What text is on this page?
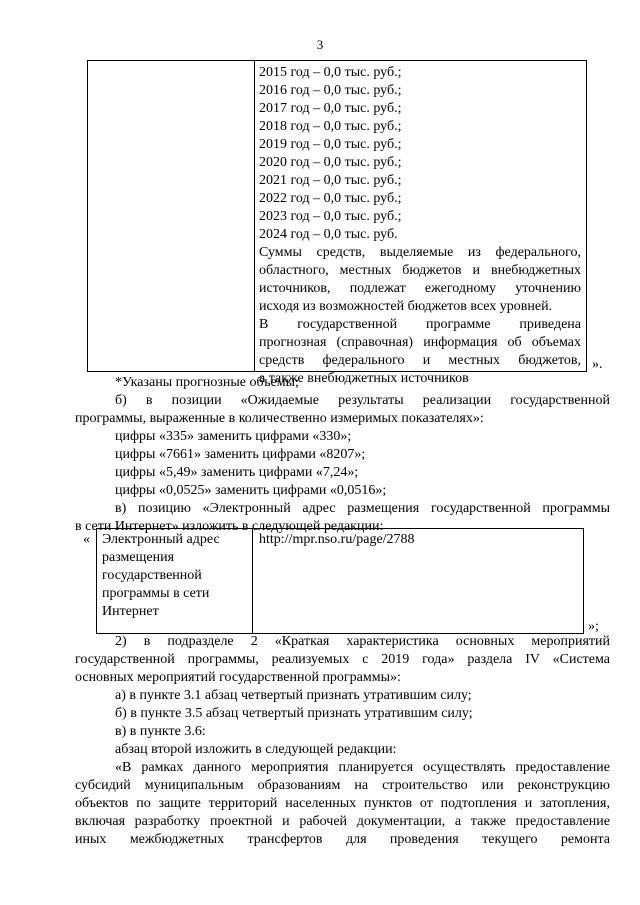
3
2015 год – 0,0 тыс. руб.;
2016 год – 0,0 тыс. руб.;
2017 год – 0,0 тыс. руб.;
2018 год – 0,0 тыс. руб.;
2019 год – 0,0 тыс. руб.;
2020 год – 0,0 тыс. руб.;
2021 год – 0,0 тыс. руб.;
2022 год – 0,0 тыс. руб.;
2023 год – 0,0 тыс. руб.;
2024 год – 0,0 тыс. руб.
Суммы средств, выделяемые из федерального,
областного, местных бюджетов и внебюджетных
источников, подлежат ежегодному уточнению
исходя из возможностей бюджетов всех уровней.
В государственной программе приведена
прогнозная (справочная) информация об объемах
средств федерального и местных бюджетов,
а также внебюджетных источников
».
*Указаны прогнозные объемы;
б) в позиции «Ожидаемые результаты реализации государственной
программы, выраженные в количественно измеримых показателях»:
цифры «335» заменить цифрами «330»;
цифры «7661» заменить цифрами «8207»;
цифры «5,49» заменить цифрами «7,24»;
цифры «0,0525» заменить цифрами «0,0516»;
в) позицию «Электронный адрес размещения государственной программы
в сети Интернет» изложить в следующей редакции:
« Электронный адрес
размещения
государственной
программы в сети
Интернет
http://mpr.nso.ru/page/2788
»;
2) в подразделе 2 «Краткая характеристика основных мероприятий
государственной программы, реализуемых с 2019 года» раздела IV «Система
основных мероприятий государственной программы»:
а) в пункте 3.1 абзац четвертый признать утратившим силу;
б) в пункте 3.5 абзац четвертый признать утратившим силу;
в) в пункте 3.6:
абзац второй изложить в следующей редакции:
«В рамках данного мероприятия планируется осуществлять предоставление
субсидий муниципальным образованиям на строительство или реконструкцию
объектов по защите территорий населенных пунктов от подтопления и затопления,
включая разработку проектной и рабочей документации, а также предоставление
иных межбюджетных трансфертов для проведения текущего ремонта
